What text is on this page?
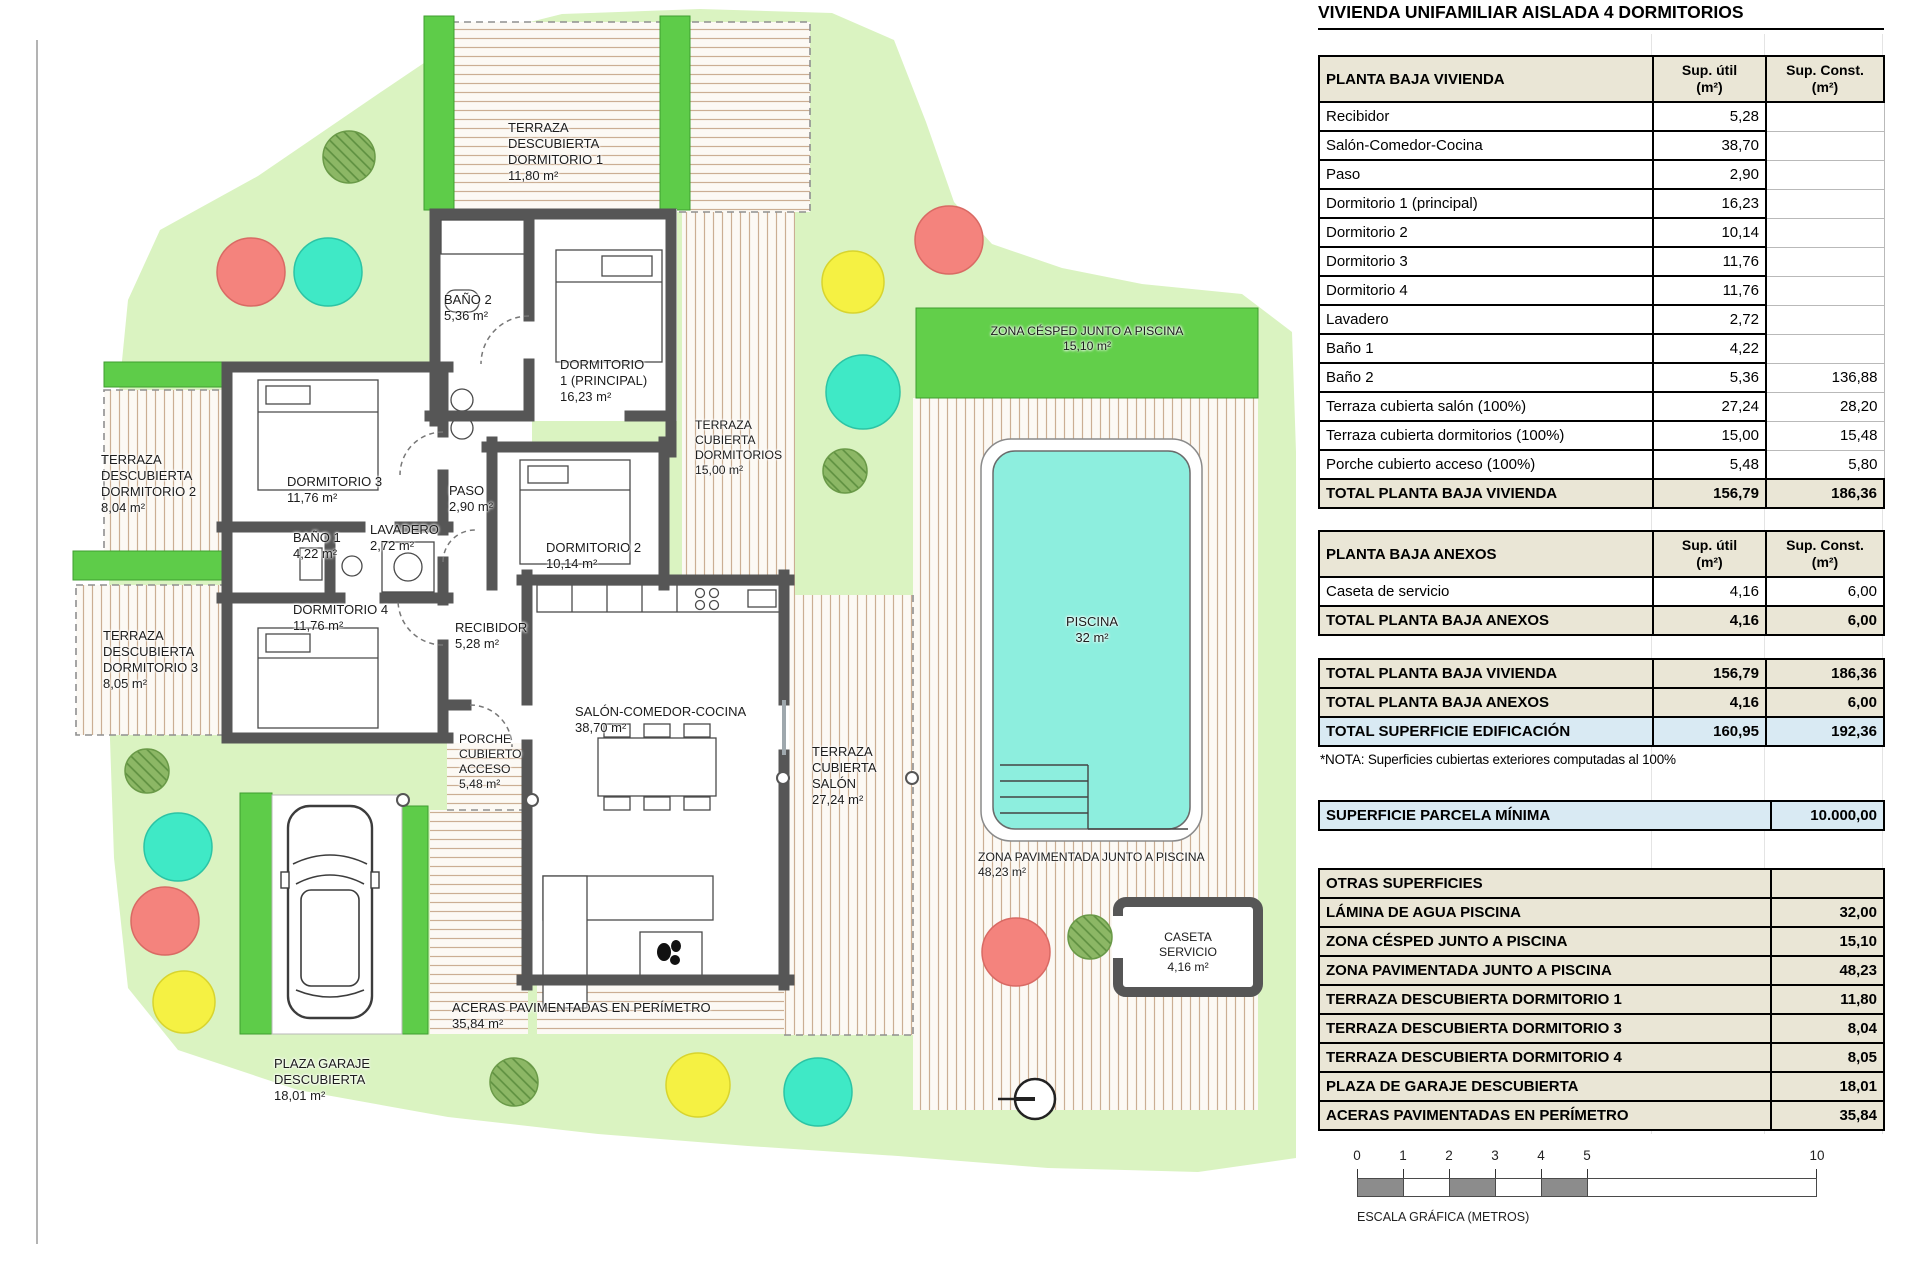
TERRAZA
DESCUBIERTA
DORMITORIO 1
11,80 m²
BAÑO 2
5,36 m²
DORMITORIO
1 (PRINCIPAL)
16,23 m²
TERRAZA
CUBIERTA
DORMITORIOS
15,00 m²
ZONA CÉSPED JUNTO A PISCINA
15,10 m²
TERRAZA
DESCUBIERTA
DORMITORIO 2
8,04 m²
DORMITORIO 3
11,76 m²	PASO
2,90 m²
BAÑO 1
4,22 m²
LAVADERO
2,72 m²	DORMITORIO 2
10,14 m²
PISCINA
32 m²
TERRAZA
DESCUBIERTA
DORMITORIO 3
8,05 m²
DORMITORIO 4
11,76 m²	RECIBIDOR
5,28 m²
SALÓN-COMEDOR-COCINA
38,70 m²
PORCHE
CUBIERTO
ACCESO
5,48 m²
TERRAZA
CUBIERTA
SALÓN
27,24 m²
ZONA PAVIMENTADA JUNTO A PISCINA
48,23 m²
CASETA
SERVICIO
4,16 m²
ACERAS PAVIMENTADAS EN PERÍMETRO
35,84 m²
PLAZA GARAJE
DESCUBIERTA
18,01 m²
VIVIENDA UNIFAMILIAR AISLADA 4 DORMITORIOS
PLANTA BAJA VIVIENDA	
Sup. útil
(m²)

Sup. Const.
(m²)

Recibidor	5,28	
Salón-Comedor-Cocina	38,70	
Paso	2,90	
Dormitorio 1 (principal)	16,23	
Dormitorio 2	10,14	
Dormitorio 3	11,76	
Dormitorio 4	11,76	
Lavadero	2,72	
Baño 1	4,22	
Baño 2	5,36	136,88
Terraza cubierta salón (100%)	27,24	28,20
Terraza cubierta dormitorios (100%)	15,00	15,48
Porche cubierto acceso (100%)	5,48	5,80
TOTAL PLANTA BAJA VIVIENDA	156,79	186,36
PLANTA BAJA ANEXOS	
Sup. útil
(m²)

Sup. Const.
(m²)

Caseta de servicio	4,16	6,00
TOTAL PLANTA BAJA ANEXOS	4,16	6,00
TOTAL PLANTA BAJA VIVIENDA	156,79	186,36
TOTAL PLANTA BAJA ANEXOS	4,16	6,00
TOTAL SUPERFICIE EDIFICACIÓN	160,95	192,36
*NOTA: Superficies cubiertas exteriores computadas al 100%
SUPERFICIE PARCELA MÍNIMA	10.000,00
OTRAS SUPERFICIES	
LÁMINA DE AGUA PISCINA	32,00
ZONA CÉSPED JUNTO A PISCINA	15,10
ZONA PAVIMENTADA JUNTO A PISCINA	48,23
TERRAZA DESCUBIERTA DORMITORIO 1	11,80
TERRAZA DESCUBIERTA DORMITORIO 3	8,04
TERRAZA DESCUBIERTA DORMITORIO 4	8,05
PLAZA DE GARAJE DESCUBIERTA	18,01
ACERAS PAVIMENTADAS EN PERÍMETRO	35,84
0	1	2	3	4	5	10
ESCALA GRÁFICA (METROS)
